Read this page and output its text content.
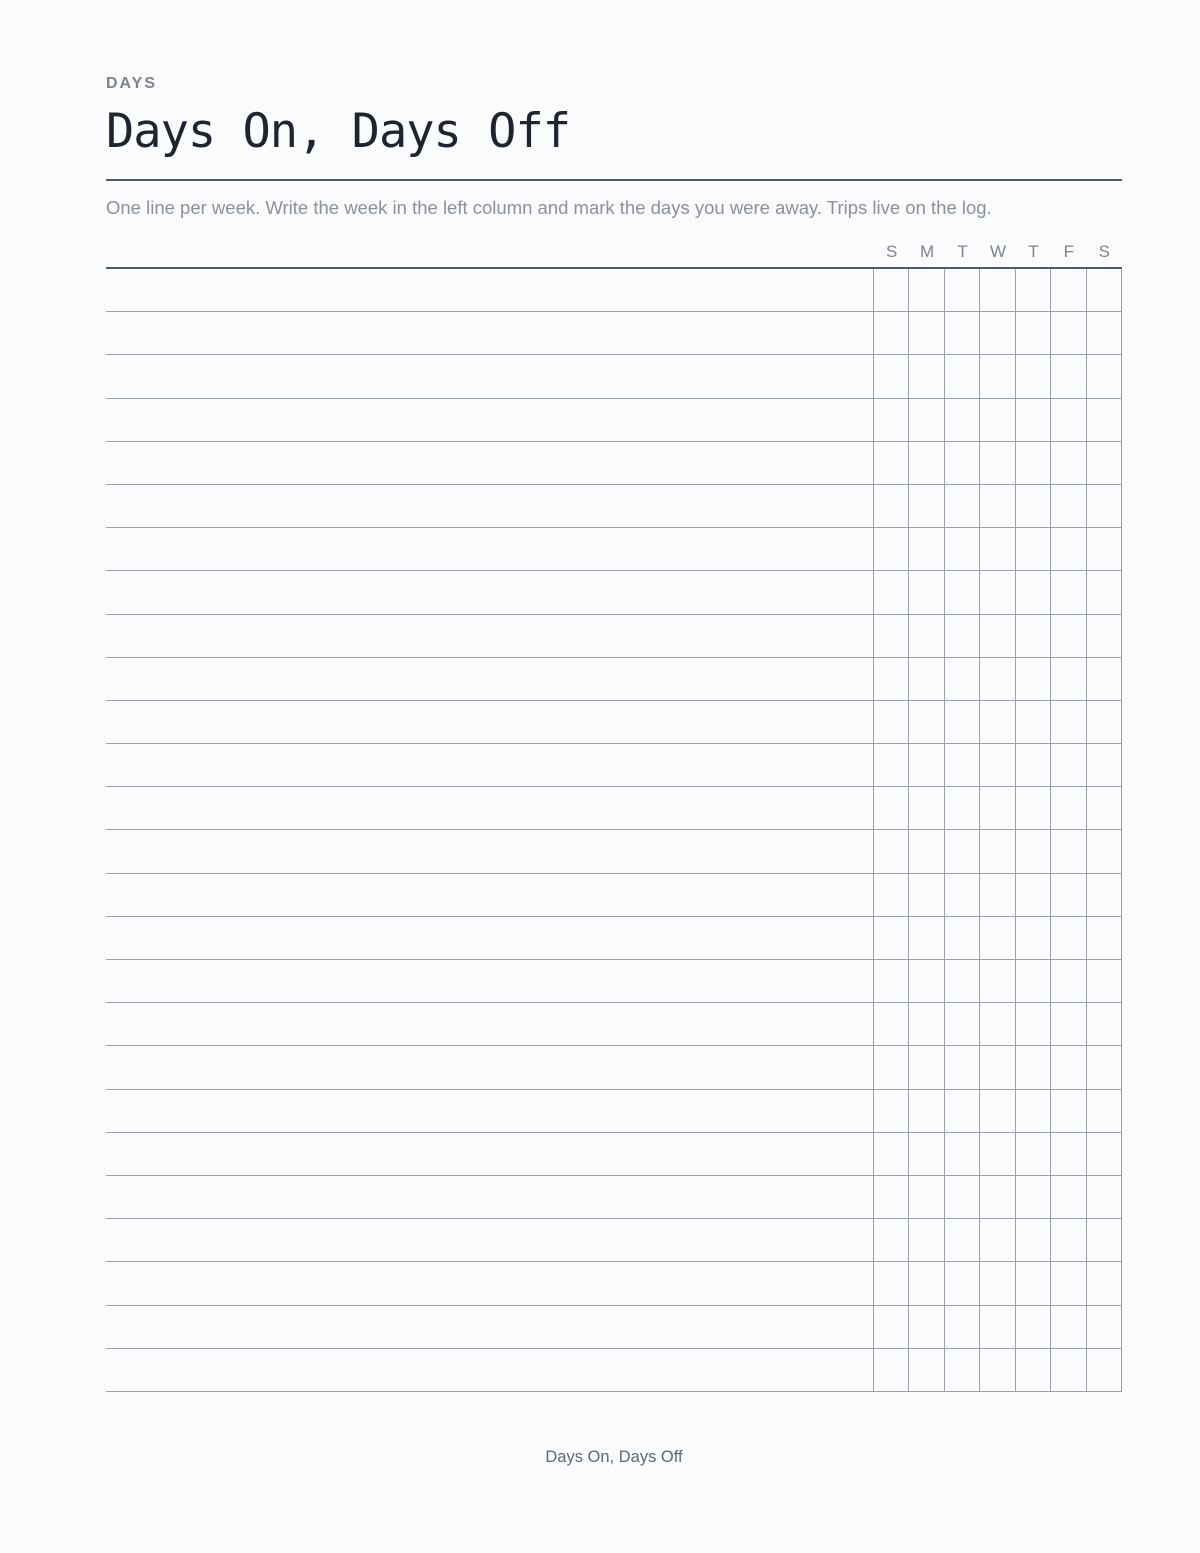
DAYS
Days On, Days Off
One line per week. Write the week in the left column and mark the days you were away. Trips live on the log.
S	M	T	W	T	F	S
Days On, Days Off
